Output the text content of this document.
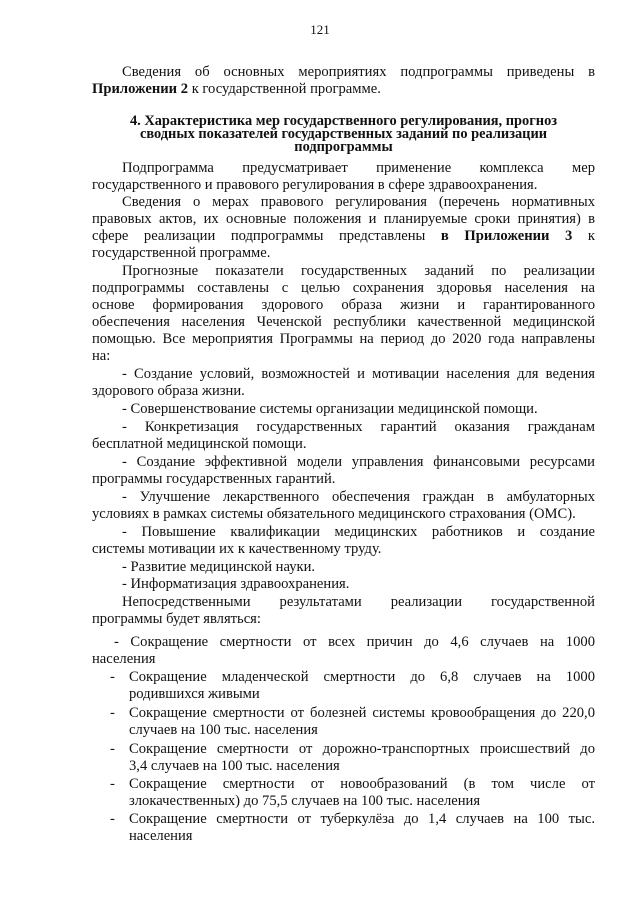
121
Сведения об основных мероприятиях подпрограммы приведены в
Приложении 2 к государственной программе.
4. Характеристика мер государственного регулирования, прогноз
сводных показателей государственных заданий по реализации
подпрограммы
Подпрограмма предусматривает применение комплекса мер
государственного и правового регулирования в сфере здравоохранения.
Сведения о мерах правового регулирования (перечень нормативных
правовых актов, их основные положения и планируемые сроки принятия) в
сфере реализации подпрограммы представлены в Приложении 3 к
государственной программе.
Прогнозные показатели государственных заданий по реализации
подпрограммы составлены с целью сохранения здоровья населения на
основе формирования здорового образа жизни и гарантированного
обеспечения населения Чеченской республики качественной медицинской
помощью. Все мероприятия Программы на период до 2020 года направлены
на:
- Создание условий, возможностей и мотивации населения для ведения
здорового образа жизни.
- Совершенствование системы организации медицинской помощи.
- Конкретизация государственных гарантий оказания гражданам
бесплатной медицинской помощи.
- Создание эффективной модели управления финансовыми ресурсами
программы государственных гарантий.
- Улучшение лекарственного обеспечения граждан в амбулаторных
условиях в рамках системы обязательного медицинского страхования (ОМС).
- Повышение квалификации медицинских работников и создание
системы мотивации их к качественному труду.
- Развитие медицинской науки.
- Информатизация здравоохранения.
Непосредственными результатами реализации государственной
программы будет являться:
- Сокращение смертности от всех причин до 4,6 случаев на 1000
населения
- Сокращение младенческой смертности до 6,8 случаев на 1000
родившихся живыми
- Сокращение смертности от болезней системы кровообращения до 220,0
случаев на 100 тыс. населения
- Сокращение смертности от дорожно-транспортных происшествий до
3,4 случаев на 100 тыс. населения
- Сокращение смертности от новообразований (в том числе от
злокачественных) до 75,5 случаев на 100 тыс. населения
- Сокращение смертности от туберкулёза до 1,4 случаев на 100 тыс.
населения
